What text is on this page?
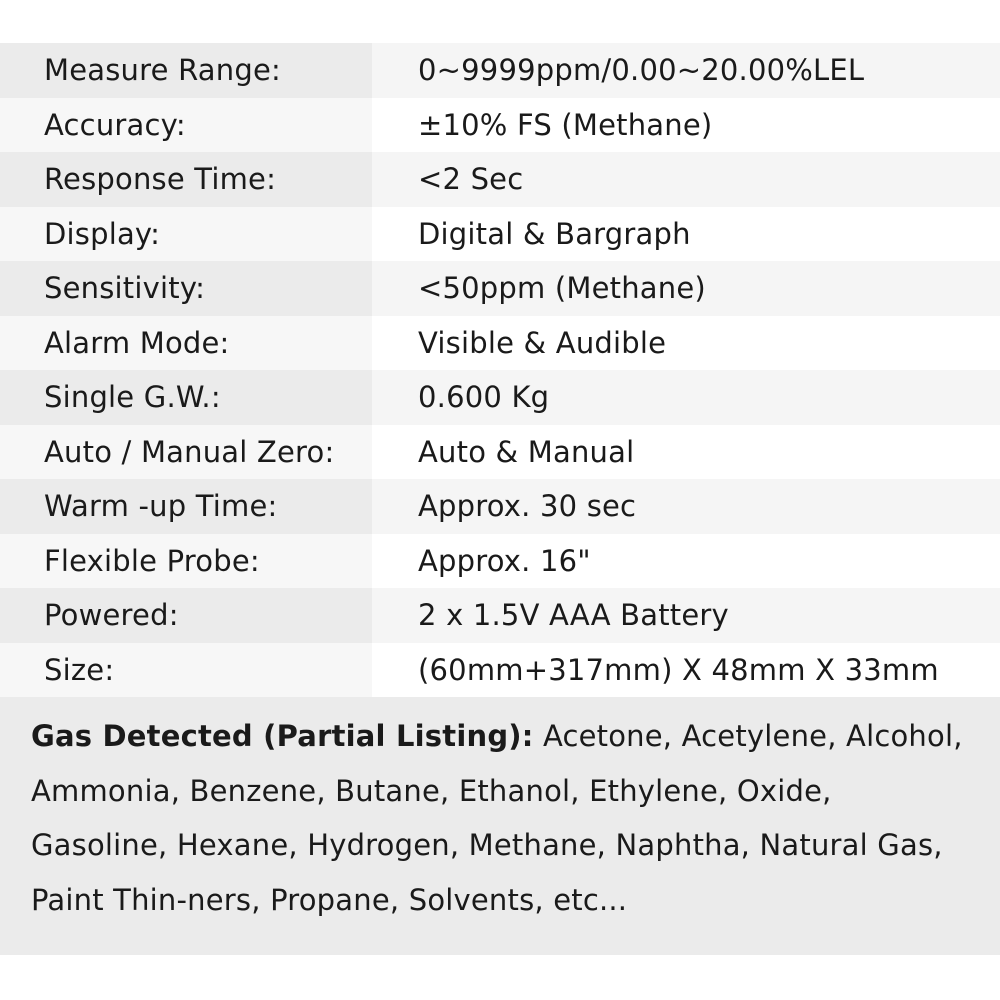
Measure Range:	0~9999ppm/0.00~20.00%LEL
Accuracy:	±10% FS (Methane)
Response Time:	<2 Sec
Display:	Digital & Bargraph
Sensitivity:	<50ppm (Methane)
Alarm Mode:	Visible & Audible
Single G.W.:	0.600 Kg
Auto / Manual Zero:	Auto & Manual
Warm -up Time:	Approx. 30 sec
Flexible Probe:	Approx. 16"
Powered:	2 x 1.5V AAA Battery
Size:	(60mm+317mm) X 48mm X 33mm
Gas Detected (Partial Listing): Acetone, Acetylene, Alcohol, Ammonia, Benzene, Butane, Ethanol, Ethylene, Oxide, Gasoline, Hexane, Hydrogen, Methane, Naphtha, Natural Gas, Paint Thin-ners, Propane, Solvents, etc...
